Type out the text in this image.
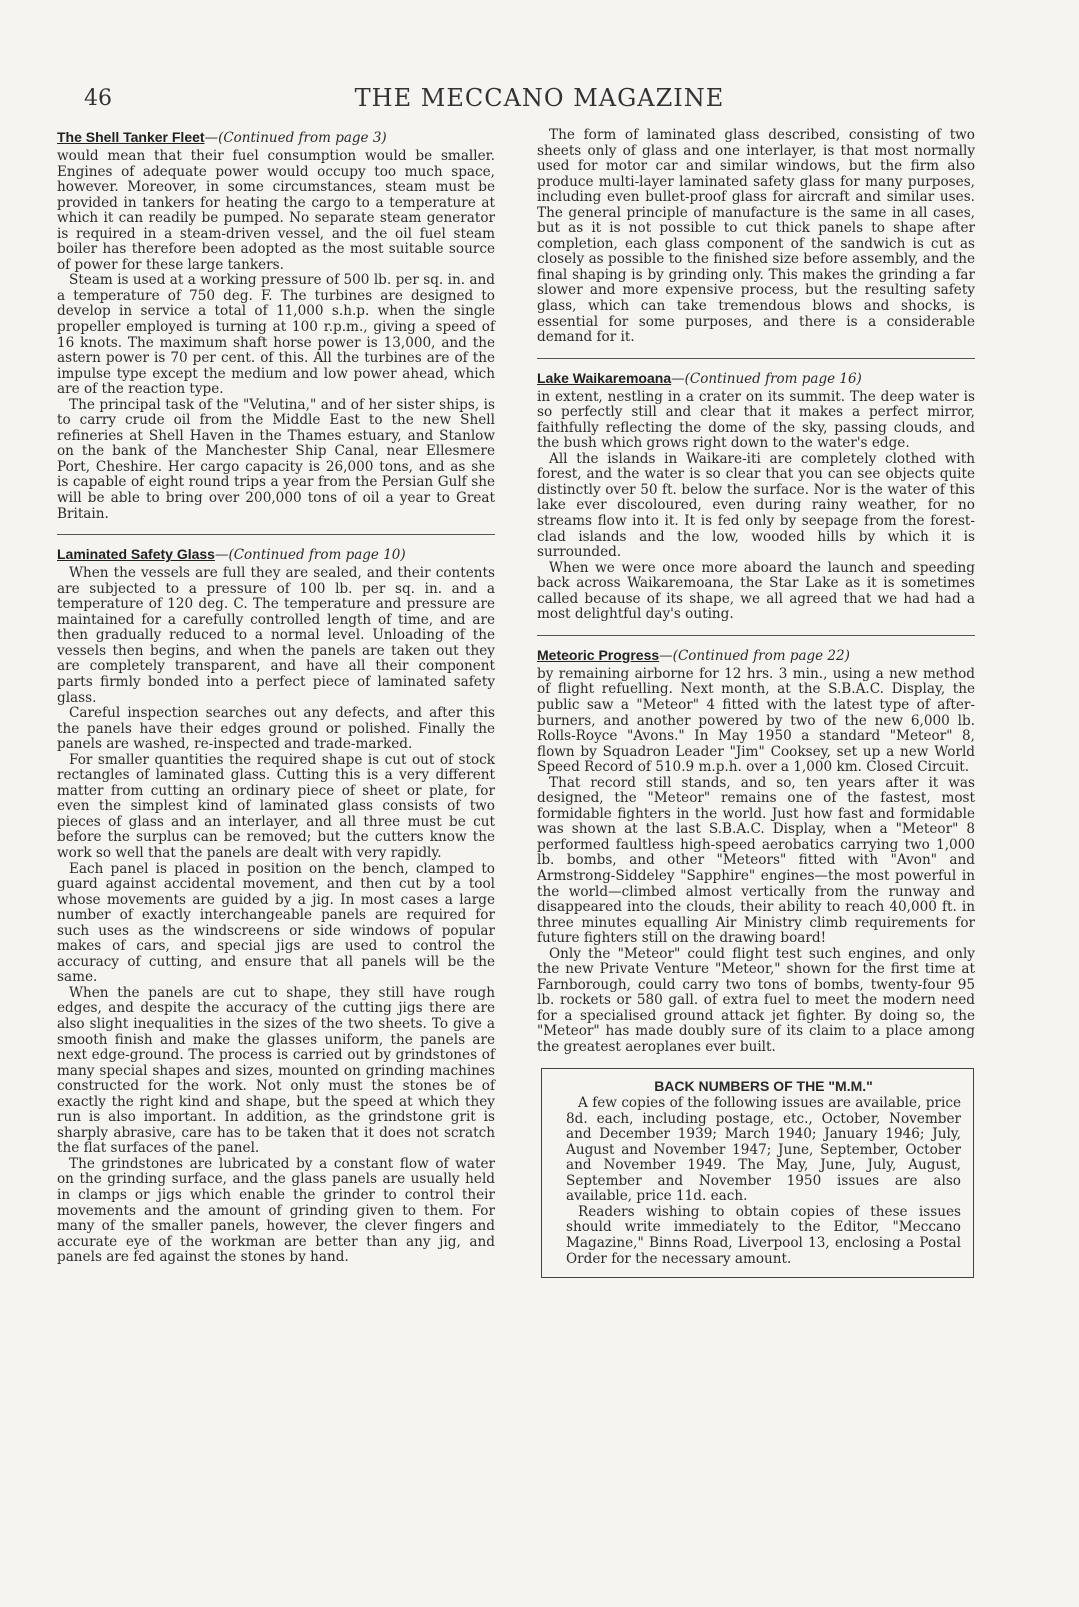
46	THE MECCANO MAGAZINE
The Shell Tanker Fleet—(Continued from page 3)

would mean that their fuel consumption would be smaller. Engines of adequate power would occupy too much space, however. Moreover, in some circumstances, steam must be provided in tankers for heating the cargo to a temperature at which it can readily be pumped. No separate steam generator is required in a steam-driven vessel, and the oil fuel steam boiler has therefore been adopted as the most suitable source of power for these large tankers.

Steam is used at a working pressure of 500 lb. per sq. in. and a temperature of 750 deg. F. The turbines are designed to develop in service a total of 11,000 s.h.p. when the single propeller employed is turning at 100 r.p.m., giving a speed of 16 knots. The maximum shaft horse power is 13,000, and the astern power is 70 per cent. of this. All the turbines are of the impulse type except the medium and low power ahead, which are of the reaction type.

The principal task of the "Velutina," and of her sister ships, is to carry crude oil from the Middle East to the new Shell refineries at Shell Haven in the Thames estuary, and Stanlow on the bank of the Manchester Ship Canal, near Ellesmere Port, Cheshire. Her cargo capacity is 26,000 tons, and as she is capable of eight round trips a year from the Persian Gulf she will be able to bring over 200,000 tons of oil a year to Great Britain.

Laminated Safety Glass—(Continued from page 10)

When the vessels are full they are sealed, and their contents are subjected to a pressure of 100 lb. per sq. in. and a temperature of 120 deg. C. The temperature and pressure are maintained for a carefully controlled length of time, and are then gradually reduced to a normal level. Unloading of the vessels then begins, and when the panels are taken out they are completely transparent, and have all their component parts firmly bonded into a perfect piece of laminated safety glass.

Careful inspection searches out any defects, and after this the panels have their edges ground or polished. Finally the panels are washed, re-inspected and trade-marked.

For smaller quantities the required shape is cut out of stock rectangles of laminated glass. Cutting this is a very different matter from cutting an ordinary piece of sheet or plate, for even the simplest kind of laminated glass consists of two pieces of glass and an interlayer, and all three must be cut before the surplus can be removed; but the cutters know the work so well that the panels are dealt with very rapidly.

Each panel is placed in position on the bench, clamped to guard against accidental movement, and then cut by a tool whose movements are guided by a jig. In most cases a large number of exactly interchangeable panels are required for such uses as the windscreens or side windows of popular makes of cars, and special jigs are used to control the accuracy of cutting, and ensure that all panels will be the same.

When the panels are cut to shape, they still have rough edges, and despite the accuracy of the cutting jigs there are also slight inequalities in the sizes of the two sheets. To give a smooth finish and make the glasses uniform, the panels are next edge-ground. The process is carried out by grindstones of many special shapes and sizes, mounted on grinding machines constructed for the work. Not only must the stones be of exactly the right kind and shape, but the speed at which they run is also important. In addition, as the grindstone grit is sharply abrasive, care has to be taken that it does not scratch the flat surfaces of the panel.

The grindstones are lubricated by a constant flow of water on the grinding surface, and the glass panels are usually held in clamps or jigs which enable the grinder to control their movements and the amount of grinding given to them. For many of the smaller panels, however, the clever fingers and accurate eye of the workman are better than any jig, and panels are fed against the stones by hand.

The form of laminated glass described, consisting of two sheets only of glass and one interlayer, is that most normally used for motor car and similar windows, but the firm also produce multi-layer laminated safety glass for many purposes, including even bullet-proof glass for aircraft and similar uses. The general principle of manufacture is the same in all cases, but as it is not possible to cut thick panels to shape after completion, each glass component of the sandwich is cut as closely as possible to the finished size before assembly, and the final shaping is by grinding only. This makes the grinding a far slower and more expensive process, but the resulting safety glass, which can take tremendous blows and shocks, is essential for some purposes, and there is a considerable demand for it.

Lake Waikaremoana—(Continued from page 16)

in extent, nestling in a crater on its summit. The deep water is so perfectly still and clear that it makes a perfect mirror, faithfully reflecting the dome of the sky, passing clouds, and the bush which grows right down to the water's edge.

All the islands in Waikare-iti are completely clothed with forest, and the water is so clear that you can see objects quite distinctly over 50 ft. below the surface. Nor is the water of this lake ever discoloured, even during rainy weather, for no streams flow into it. It is fed only by seepage from the forest-clad islands and the low, wooded hills by which it is surrounded.

When we were once more aboard the launch and speeding back across Waikaremoana, the Star Lake as it is sometimes called because of its shape, we all agreed that we had had a most delightful day's outing.

Meteoric Progress—(Continued from page 22)

by remaining airborne for 12 hrs. 3 min., using a new method of flight refuelling. Next month, at the S.B.A.C. Display, the public saw a "Meteor" 4 fitted with the latest type of after-burners, and another powered by two of the new 6,000 lb. Rolls-Royce "Avons." In May 1950 a standard "Meteor" 8, flown by Squadron Leader "Jim" Cooksey, set up a new World Speed Record of 510.9 m.p.h. over a 1,000 km. Closed Circuit.

That record still stands, and so, ten years after it was designed, the "Meteor" remains one of the fastest, most formidable fighters in the world. Just how fast and formidable was shown at the last S.B.A.C. Display, when a "Meteor" 8 performed faultless high-speed aerobatics carrying two 1,000 lb. bombs, and other "Meteors" fitted with "Avon" and Armstrong-Siddeley "Sapphire" engines—the most powerful in the world—climbed almost vertically from the runway and disappeared into the clouds, their ability to reach 40,000 ft. in three minutes equalling Air Ministry climb requirements for future fighters still on the drawing board!

Only the "Meteor" could flight test such engines, and only the new Private Venture "Meteor," shown for the first time at Farnborough, could carry two tons of bombs, twenty-four 95 lb. rockets or 580 gall. of extra fuel to meet the modern need for a specialised ground attack jet fighter. By doing so, the "Meteor" has made doubly sure of its claim to a place among the greatest aeroplanes ever built.

BACK NUMBERS OF THE "M.M."

A few copies of the following issues are available, price 8d. each, including postage, etc., October, November and December 1939; March 1940; January 1946; July, August and November 1947; June, September, October and November 1949. The May, June, July, August, September and November 1950 issues are also available, price 11d. each.

Readers wishing to obtain copies of these issues should write immediately to the Editor, "Meccano Magazine," Binns Road, Liverpool 13, enclosing a Postal Order for the necessary amount.
